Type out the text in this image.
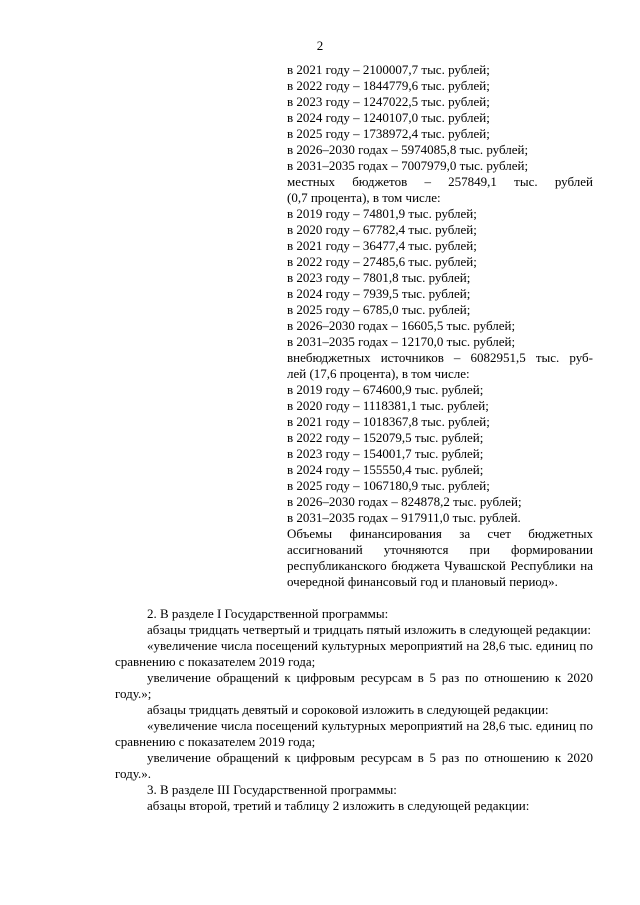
2

в 2021 году – 2100007,7 тыс. рублей;

в 2022 году – 1844779,6 тыс. рублей;

в 2023 году – 1247022,5 тыс. рублей;

в 2024 году – 1240107,0 тыс. рублей;

в 2025 году – 1738972,4 тыс. рублей;

в 2026–2030 годах – 5974085,8 тыс. рублей;

в 2031–2035 годах – 7007979,0 тыс. рублей;

местных бюджетов – 257849,1 тыс. рублей

(0,7 процента), в том числе:

в 2019 году – 74801,9 тыс. рублей;

в 2020 году – 67782,4 тыс. рублей;

в 2021 году – 36477,4 тыс. рублей;

в 2022 году – 27485,6 тыс. рублей;

в 2023 году – 7801,8 тыс. рублей;

в 2024 году – 7939,5 тыс. рублей;

в 2025 году – 6785,0 тыс. рублей;

в 2026–2030 годах – 16605,5 тыс. рублей;

в 2031–2035 годах – 12170,0 тыс. рублей;

внебюджетных источников – 6082951,5 тыс. руб-

лей (17,6 процента), в том числе:

в 2019 году – 674600,9 тыс. рублей;

в 2020 году – 1118381,1 тыс. рублей;

в 2021 году – 1018367,8 тыс. рублей;

в 2022 году – 152079,5 тыс. рублей;

в 2023 году – 154001,7 тыс. рублей;

в 2024 году – 155550,4 тыс. рублей;

в 2025 году – 1067180,9 тыс. рублей;

в 2026–2030 годах – 824878,2 тыс. рублей;

в 2031–2035 годах – 917911,0 тыс. рублей.

Объемы финансирования за счет бюджетных ассигнований уточняются при формировании республиканского бюджета Чувашской Республики на очередной финансовый год и плановый период».

2. В разделе I Государственной программы:

абзацы тридцать четвертый и тридцать пятый изложить в следующей редакции:

«увеличение числа посещений культурных мероприятий на 28,6 тыс. единиц по сравнению с показателем 2019 года;

увеличение обращений к цифровым ресурсам в 5 раз по отношению к 2020 году.»;

абзацы тридцать девятый и сороковой изложить в следующей редакции:

«увеличение числа посещений культурных мероприятий на 28,6 тыс. единиц по сравнению с показателем 2019 года;

увеличение обращений к цифровым ресурсам в 5 раз по отношению к 2020 году.».

3. В разделе III Государственной программы:

абзацы второй, третий и таблицу 2 изложить в следующей редакции:
